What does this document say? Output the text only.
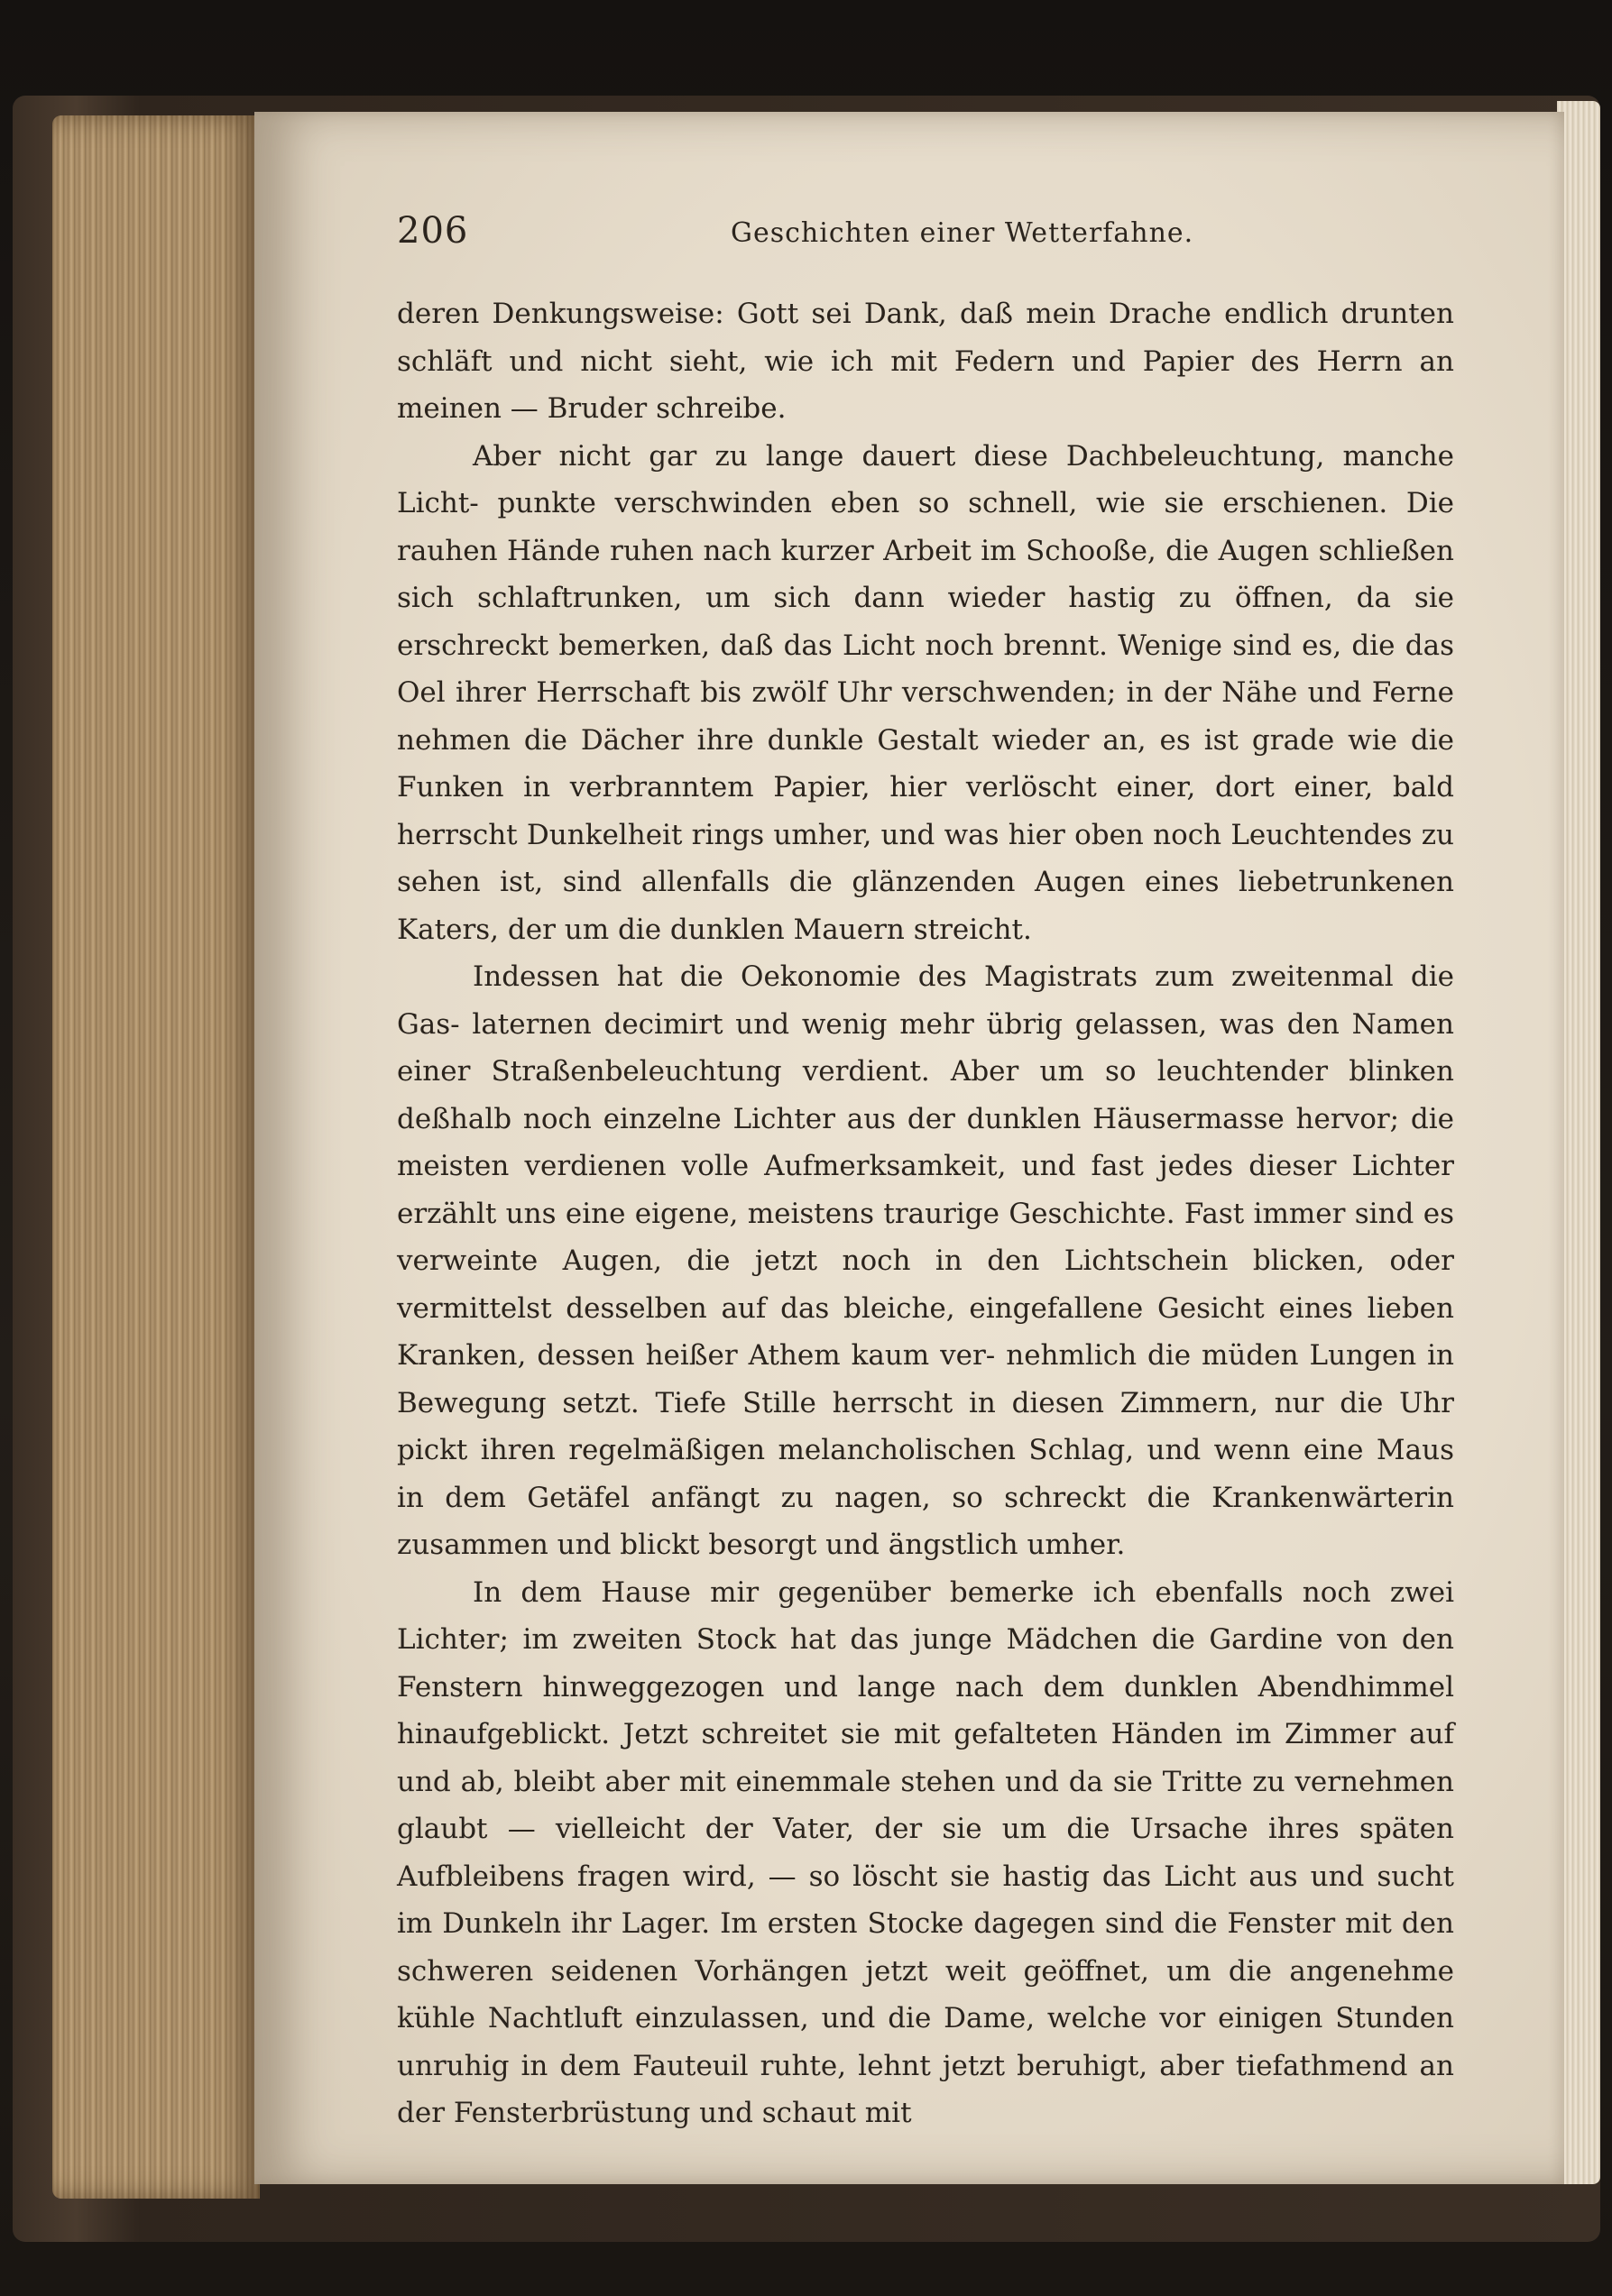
206	Geschichten einer Wetterfahne.

deren Denkungsweise: Gott sei Dank, daß mein Drache endlich drunten schläft und nicht sieht, wie ich mit Federn und Papier des Herrn an meinen — Bruder schreibe.

Aber nicht gar zu lange dauert diese Dachbeleuchtung, manche Licht- punkte verschwinden eben so schnell, wie sie erschienen. Die rauhen Hände ruhen nach kurzer Arbeit im Schooße, die Augen schließen sich schlaftrunken, um sich dann wieder hastig zu öffnen, da sie erschreckt bemerken, daß das Licht noch brennt. Wenige sind es, die das Oel ihrer Herrschaft bis zwölf Uhr verschwenden; in der Nähe und Ferne nehmen die Dächer ihre dunkle Gestalt wieder an, es ist grade wie die Funken in verbranntem Papier, hier verlöscht einer, dort einer, bald herrscht Dunkelheit rings umher, und was hier oben noch Leuchtendes zu sehen ist, sind allenfalls die glänzenden Augen eines liebetrunkenen Katers, der um die dunklen Mauern streicht.

Indessen hat die Oekonomie des Magistrats zum zweitenmal die Gas- laternen decimirt und wenig mehr übrig gelassen, was den Namen einer Straßenbeleuchtung verdient. Aber um so leuchtender blinken deßhalb noch einzelne Lichter aus der dunklen Häusermasse hervor; die meisten verdienen volle Aufmerksamkeit, und fast jedes dieser Lichter erzählt uns eine eigene, meistens traurige Geschichte. Fast immer sind es verweinte Augen, die jetzt noch in den Lichtschein blicken, oder vermittelst desselben auf das bleiche, eingefallene Gesicht eines lieben Kranken, dessen heißer Athem kaum ver- nehmlich die müden Lungen in Bewegung setzt. Tiefe Stille herrscht in diesen Zimmern, nur die Uhr pickt ihren regelmäßigen melancholischen Schlag, und wenn eine Maus in dem Getäfel anfängt zu nagen, so schreckt die Krankenwärterin zusammen und blickt besorgt und ängstlich umher.

In dem Hause mir gegenüber bemerke ich ebenfalls noch zwei Lichter; im zweiten Stock hat das junge Mädchen die Gardine von den Fenstern hinweggezogen und lange nach dem dunklen Abendhimmel hinaufgeblickt. Jetzt schreitet sie mit gefalteten Händen im Zimmer auf und ab, bleibt aber mit einemmale stehen und da sie Tritte zu vernehmen glaubt — vielleicht der Vater, der sie um die Ursache ihres späten Aufbleibens fragen wird, — so löscht sie hastig das Licht aus und sucht im Dunkeln ihr Lager. Im ersten Stocke dagegen sind die Fenster mit den schweren seidenen Vorhängen jetzt weit geöffnet, um die angenehme kühle Nachtluft einzulassen, und die Dame, welche vor einigen Stunden unruhig in dem Fauteuil ruhte, lehnt jetzt beruhigt, aber tiefathmend an der Fensterbrüstung und schaut mit
